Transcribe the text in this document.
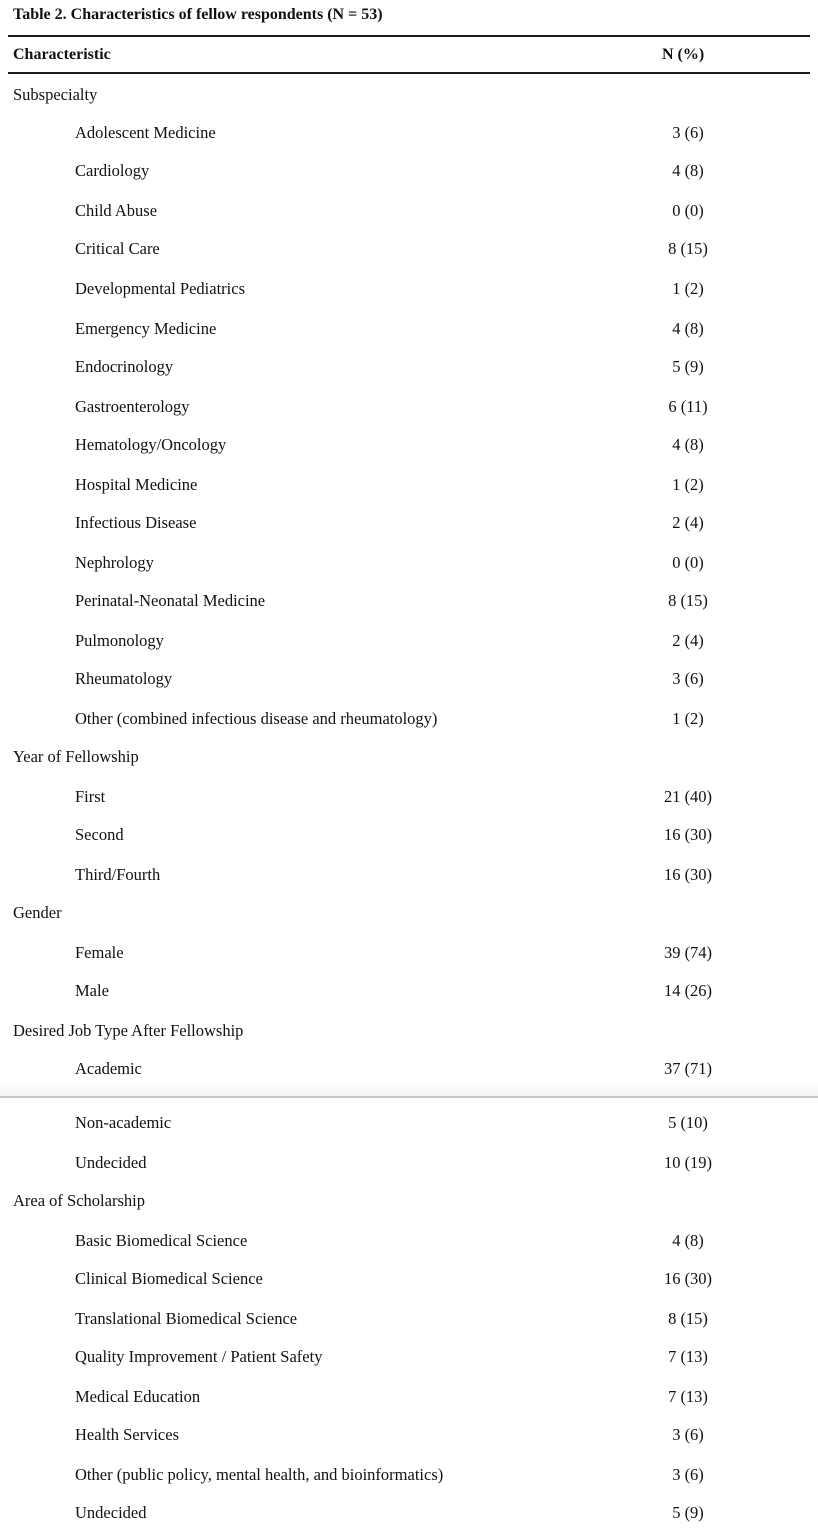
Table 2. Characteristics of fellow respondents (N = 53)
Characteristic	N (%)
Subspecialty
Adolescent Medicine	3 (6)
Cardiology	4 (8)
Child Abuse	0 (0)
Critical Care	8 (15)
Developmental Pediatrics	1 (2)
Emergency Medicine	4 (8)
Endocrinology	5 (9)
Gastroenterology	6 (11)
Hematology/Oncology	4 (8)
Hospital Medicine	1 (2)
Infectious Disease	2 (4)
Nephrology	0 (0)
Perinatal-Neonatal Medicine	8 (15)
Pulmonology	2 (4)
Rheumatology	3 (6)
Other (combined infectious disease and rheumatology)	1 (2)
Year of Fellowship
First	21 (40)
Second	16 (30)
Third/Fourth	16 (30)
Gender
Female	39 (74)
Male	14 (26)
Desired Job Type After Fellowship
Academic	37 (71)
Non-academic	5 (10)
Undecided	10 (19)
Area of Scholarship
Basic Biomedical Science	4 (8)
Clinical Biomedical Science	16 (30)
Translational Biomedical Science	8 (15)
Quality Improvement / Patient Safety	7 (13)
Medical Education	7 (13)
Health Services	3 (6)
Other (public policy, mental health, and bioinformatics)	3 (6)
Undecided	5 (9)
